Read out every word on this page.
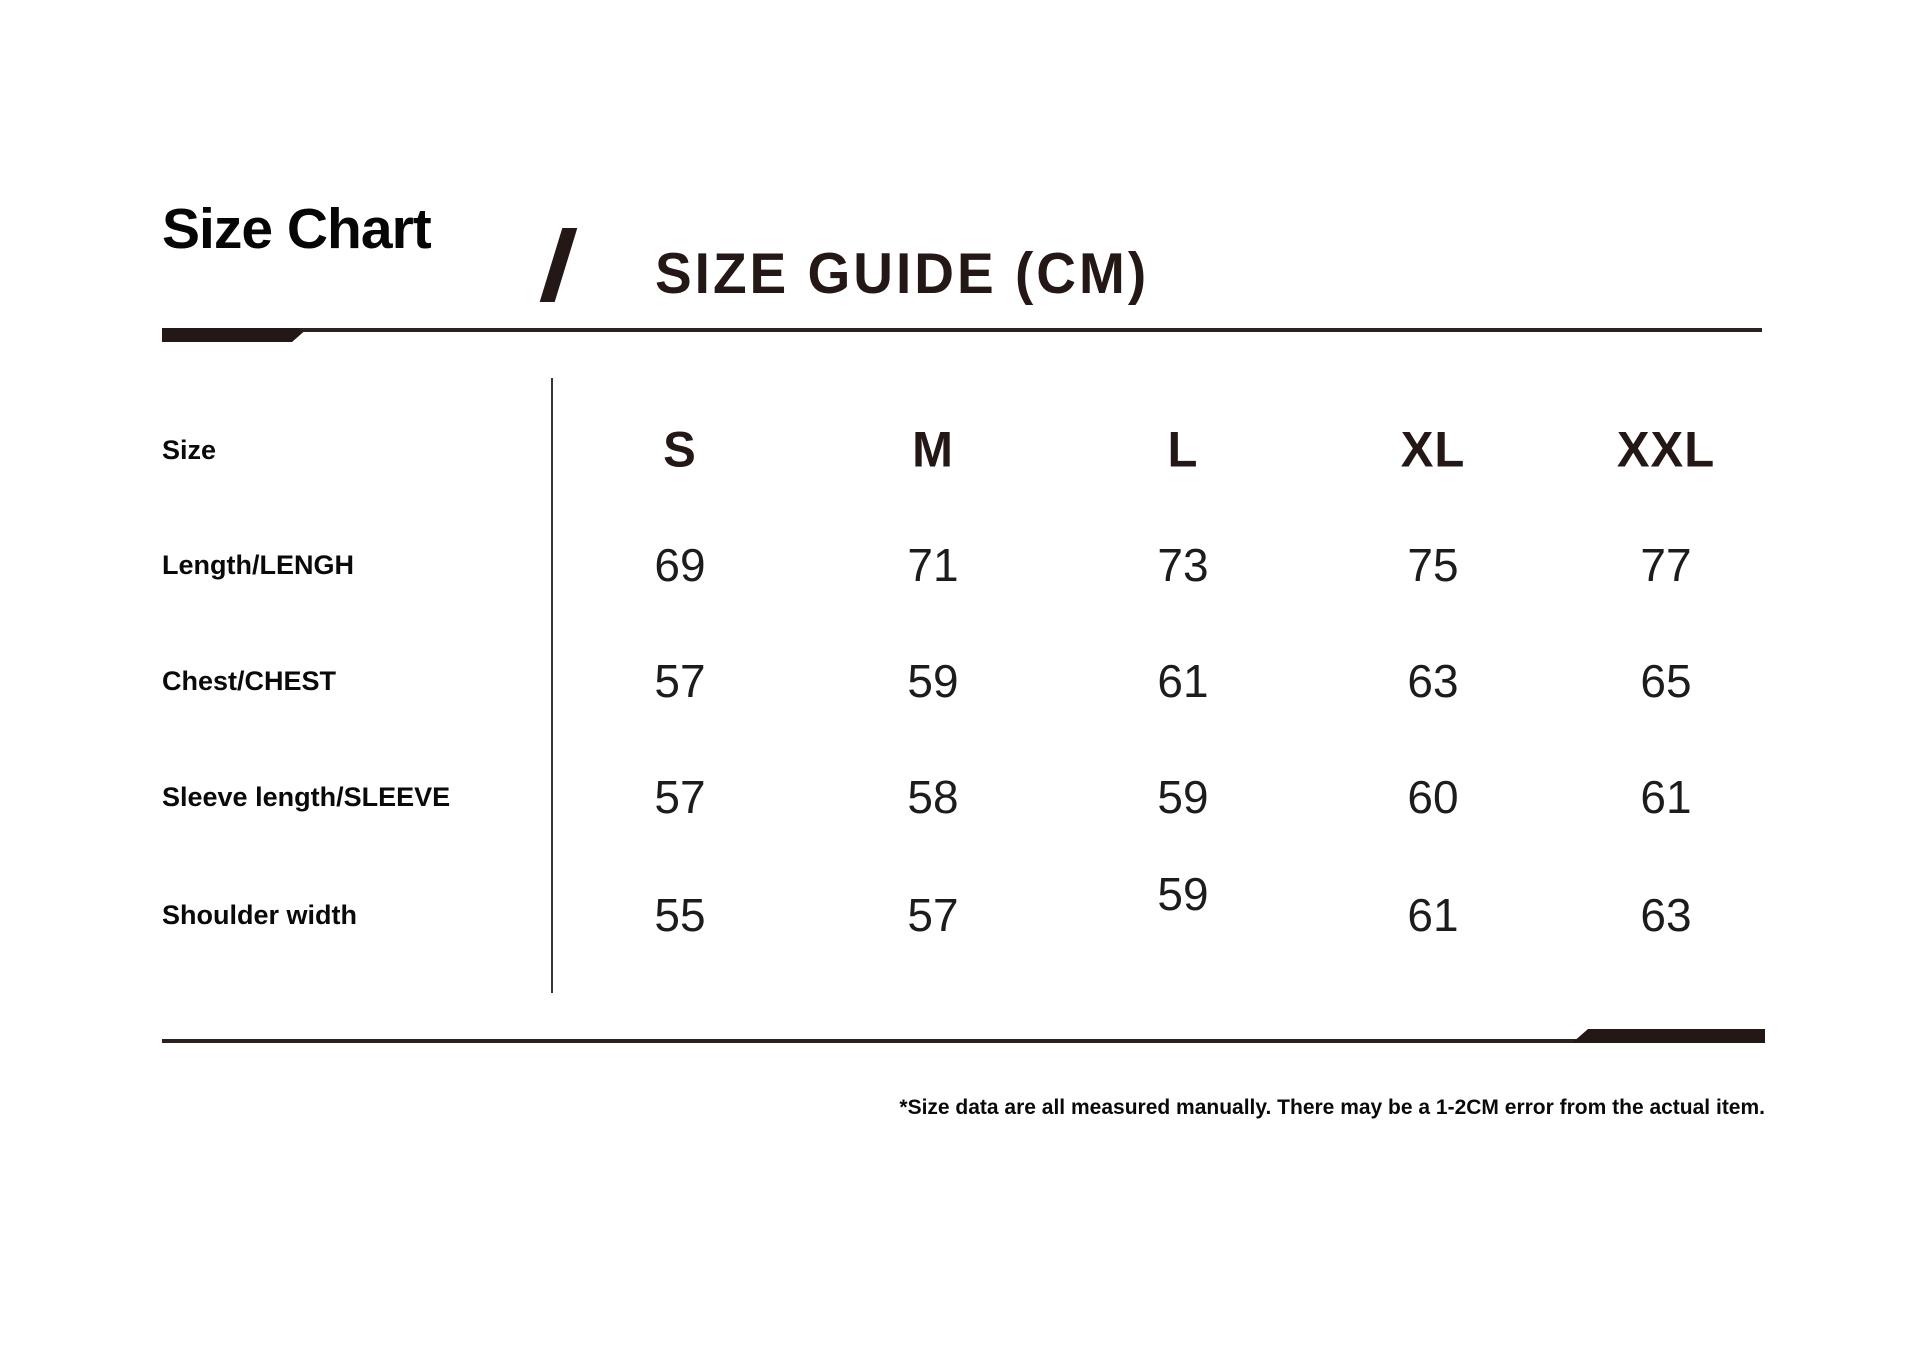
Size Chart
SIZE GUIDE (CM)
Size	S	M	L	XL	XXL
Length/LENGH	69	71	73	75	77
Chest/CHEST	57	59	61	63	65
Sleeve length/SLEEVE	57	58	59	60	61
Shoulder width	55	57	59	61	63
*Size data are all measured manually. There may be a 1-2CM error from the actual item.
